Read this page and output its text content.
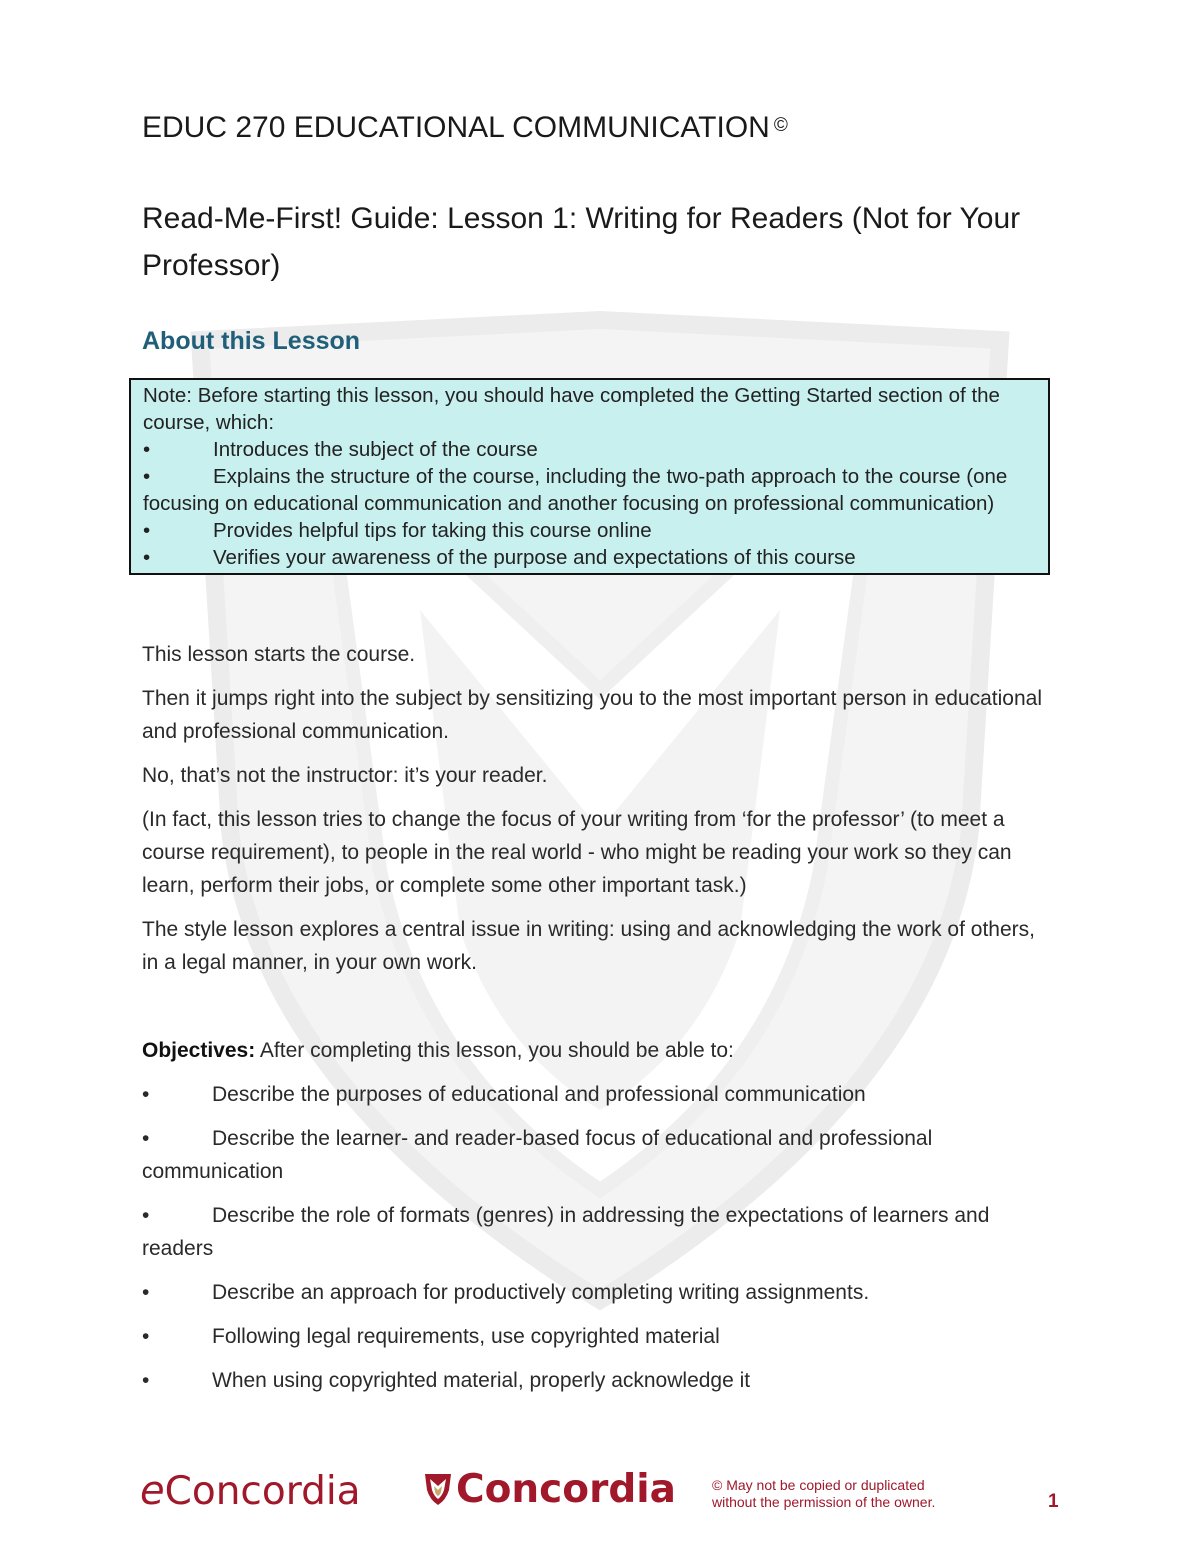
EDUC 270 EDUCATIONAL COMMUNICATION ©
Read-Me-First! Guide: Lesson 1: Writing for Readers (Not for Your Professor)
About this Lesson

Note: Before starting this lesson, you should have completed the Getting Started section of the course, which:

•	Introduces the subject of the course
•	Explains the structure of the course, including the two-path approach to the course (one focusing on educational communication and another focusing on professional communication)
•	Provides helpful tips for taking this course online
•	Verifies your awareness of the purpose and expectations of this course

This lesson starts the course.

Then it jumps right into the subject by sensitizing you to the most important person in educational and professional communication.

No, that’s not the instructor: it’s your reader.

(In fact, this lesson tries to change the focus of your writing from ‘for the professor’ (to meet a course requirement), to people in the real world - who might be reading your work so they can learn, perform their jobs, or complete some other important task.)

The style lesson explores a central issue in writing: using and acknowledging the work of others, in a legal manner, in your own work.

Objectives: After completing this lesson, you should be able to:

•	Describe the purposes of educational and professional communication

•	Describe the learner- and reader-based focus of educational and professional communication

•	Describe the role of formats (genres) in addressing the expectations of learners and readers

•	Describe an approach for productively completing writing assignments.

•	Following legal requirements, use copyrighted material

•	When using copyrighted material, properly acknowledge it

eConcordia	Concordia	© May not be copied or duplicated
without the permission of the owner.	1
